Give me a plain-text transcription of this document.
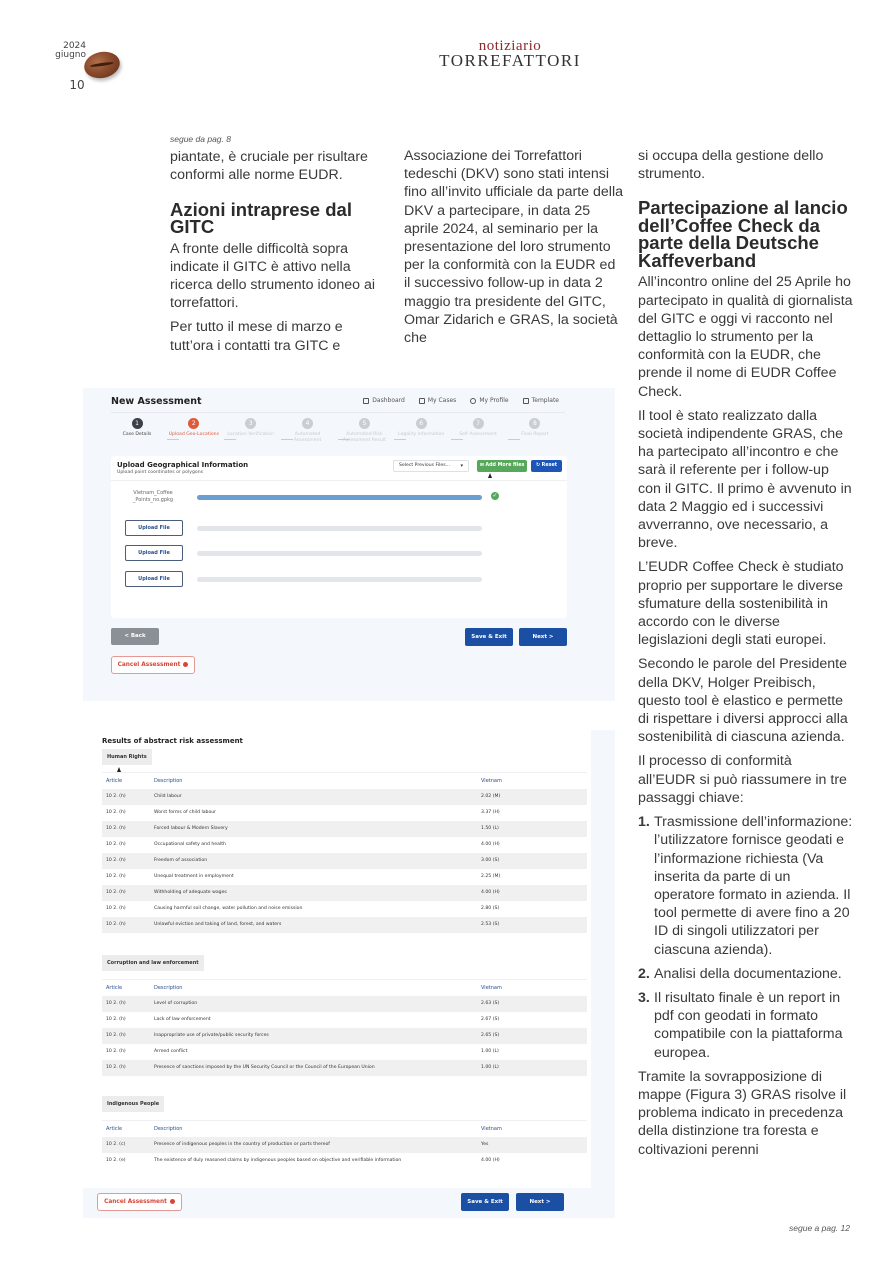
2024
giugno
10
notiziario
TORREFATTORI
segue da pag. 8

piantate, è cruciale per risultare conformi alle norme EUDR.

Azioni intraprese dal GITC

A fronte delle difficoltà sopra indicate il GITC è attivo nella ricerca dello strumento idoneo ai torrefattori.

Per tutto il mese di marzo e tutt’ora i contatti tra GITC e

Associazione dei Torrefattori tedeschi (DKV) sono stati intensi fino all’invito ufficiale da parte della DKV a partecipare, in data 25 aprile 2024, al seminario per la presentazione del loro strumento per la conformità con la EUDR ed il successivo follow-up in data 2 maggio tra presidente del GITC, Omar Zidarich e GRAS, la società che

si occupa della gestione dello strumento.

Partecipazione al lancio dell’Coffee Check da parte della Deutsche Kaffeverband

All’incontro online del 25 Aprile ho partecipato in qualità di giornalista del GITC e oggi vi racconto nel dettaglio lo strumento per la conformità con la EUDR, che prende il nome di EUDR Coffee Check.

Il tool è stato realizzato dalla società indipendente GRAS, che ha partecipato all’incontro e che sarà il referente per i follow-up con il GITC. Il primo è avvenuto in data 2 Maggio ed i successivi avverranno, ove necessario, a breve.

L’EUDR Coffee Check è studiato proprio per supportare le diverse sfumature della sostenibilità in accordo con le diverse legislazioni degli stati europei.

Secondo le parole del Presidente della DKV, Holger Preibisch, questo tool è elastico e permette di rispettare i diversi approcci alla sostenibilità di ciascuna azienda.

Il processo di conformità all’EUDR si può riassumere in tre passaggi chiave:

1. Trasmissione dell’informazione: l’utilizzatore fornisce geodati e l’informazione richiesta (Va inserita da parte di un operatore formato in azienda. Il tool permette di avere fino a 20 ID di singoli utilizzatori per ciascuna azienda).
2. Analisi della documentazione.
3. Il risultato finale è un report in pdf con geodati in formato compatibile con la piattaforma europea.

Tramite la sovrapposizione di mappe (Figura 3) GRAS risolve il problema indicato in precedenza della distinzione tra foresta e coltivazioni perenni

segue a pag. 12
New Assessment	Dashboard	My Cases	My Profile	Template
1
Case Details
2
Upload Geo-Locations
3
Location Verification
4
Automated Assessment
5
Automated Risk Assessment Result
6
Legality Information
7
Self Assessment
8
Final Report
Upload Geographical Information
Upload point coordinates or polygons
Select Previous Files... ▾	⊞ Add More files	↻ Reset
Vietnam_Coffee _Points_no.gpkg
✓
Upload File
Upload File
Upload File
< Back	Save & Exit	Next >
Cancel Assessment
Results of abstract risk assessment
Human Rights
Article	Description	Vietnam
10 2. (h)	Child labour	2.02 (M)
10 2. (h)	Worst forms of child labour	3.37 (H)
10 2. (h)	Forced labour & Modern Slavery	1.50 (L)
10 2. (h)	Occupational safety and health	4.00 (H)
10 2. (h)	Freedom of association	3.00 (S)
10 2. (h)	Unequal treatment in employment	2.25 (M)
10 2. (h)	Withholding of adequate wages	4.00 (H)
10 2. (h)	Causing harmful soil change, water pollution and noise emission	2.80 (S)
10 2. (h)	Unlawful eviction and taking of land, forest, and waters	2.53 (S)
Corruption and law enforcement
Article	Description	Vietnam
10 2. (h)	Level of corruption	2.63 (S)
10 2. (h)	Lack of law enforcement	2.67 (S)
10 2. (h)	Inappropriate use of private/public security forces	2.65 (S)
10 2. (h)	Armed conflict	1.00 (L)
10 2. (h)	Presence of sanctions imposed by the UN Security Council or the Council of the European Union	1.00 (L)
Indigenous People
Article	Description	Vietnam
10 2. (c)	Presence of indigenous peoples in the country of production or parts thereof	Yes
10 2. (e)	The existence of duly reasoned claims by indigenous peoples based on objective and verifiable information	4.00 (H)
Cancel Assessment	Save & Exit	Next >
